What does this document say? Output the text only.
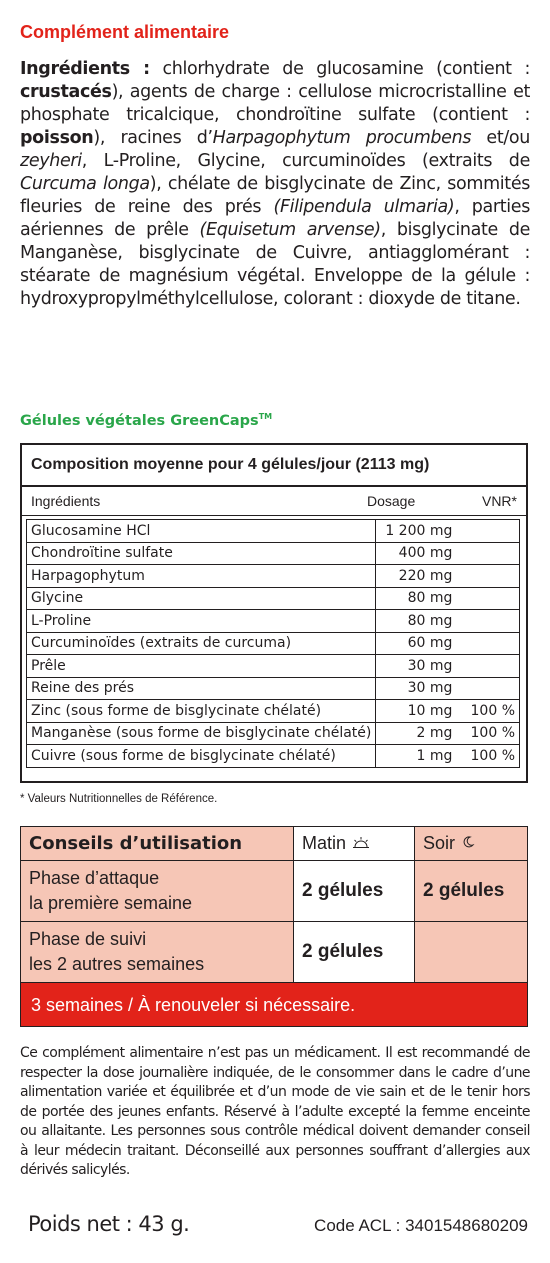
Complément alimentaire
Ingrédients : chlorhydrate de glucosamine (contient : crustacés), agents de charge : cellulose microcristalline et phosphate tricalcique, chondroïtine sulfate (contient : poisson), racines d’Harpagophytum procumbens et/ou zeyheri, L-Proline, Glycine, curcuminoïdes (extraits de Curcuma longa), chélate de bisglycinate de Zinc, sommités fleuries de reine des prés (Filipendula ulmaria), parties aériennes de prêle (Equisetum arvense), bisglycinate de Manganèse, bisglycinate de Cuivre, antiagglomérant : stéarate de magnésium végétal. Enveloppe de la gélule : hydroxypropylméthylcellulose, colorant : dioxyde de titane.
Gélules végétales GreenCaps™
Composition moyenne pour 4 gélules/jour (2113 mg)
Ingrédients	Dosage	VNR*
Glucosamine HCl	1 200 mg	
Chondroïtine sulfate	400 mg	
Harpagophytum	220 mg	
Glycine	80 mg	
L-Proline	80 mg	
Curcuminoïdes (extraits de curcuma)	60 mg	
Prêle	30 mg	
Reine des prés	30 mg	
Zinc (sous forme de bisglycinate chélaté)	10 mg	100 %
Manganèse (sous forme de bisglycinate chélaté)	2 mg	100 %
Cuivre (sous forme de bisglycinate chélaté)	1 mg	100 %
* Valeurs Nutritionnelles de Référence.
Conseils d’utilisation	Matin	Soir
Phase d’attaque
la première semaine	2 gélules	2 gélules
Phase de suivi
les 2 autres semaines	2 gélules	
3 semaines / À renouveler si nécessaire.
Ce complément alimentaire n’est pas un médicament. Il est recommandé de respecter la dose journalière indiquée, de le consommer dans le cadre d’une alimentation variée et équilibrée et d’un mode de vie sain et de le tenir hors de portée des jeunes enfants. Réservé à l’adulte excepté la femme enceinte ou allaitante. Les personnes sous contrôle médical doivent demander conseil à leur médecin traitant. Déconseillé aux personnes souffrant d’allergies aux dérivés salicylés.
Poids net : 43 g.	Code ACL : 3401548680209
